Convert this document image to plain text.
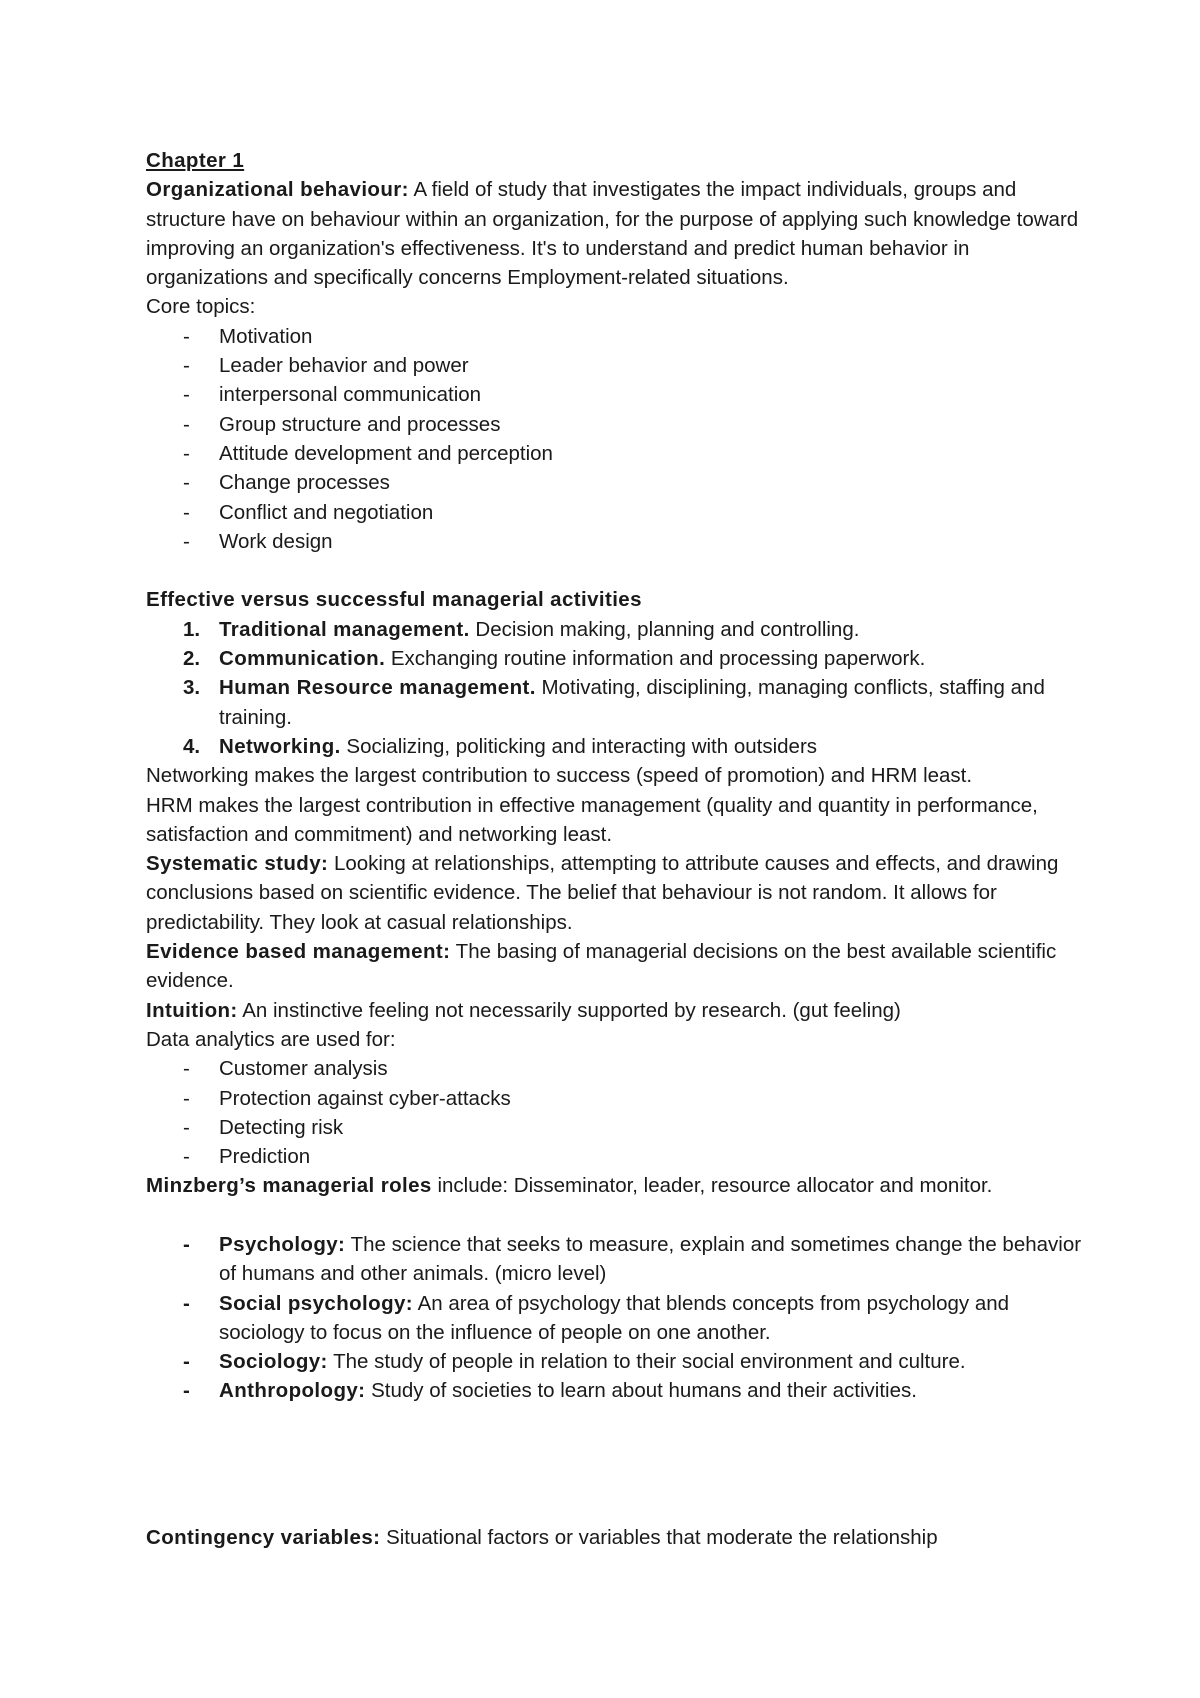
Chapter 1

Organizational behaviour: A field of study that investigates the impact individuals, groups and structure have on behaviour within an organization, for the purpose of applying such knowledge toward improving an organization's effectiveness. It's to understand and predict human behavior in organizations and specifically concerns Employment-related situations.

Core topics:

- Motivation

- Leader behavior and power

- interpersonal communication

- Group structure and processes

- Attitude development and perception

- Change processes

- Conflict and negotiation

- Work design

Effective versus successful managerial activities

1. Traditional management. Decision making, planning and controlling.

2. Communication. Exchanging routine information and processing paperwork.

3. Human Resource management. Motivating, disciplining, managing conflicts, staffing and training.

4. Networking. Socializing, politicking and interacting with outsiders

Networking makes the largest contribution to success (speed of promotion) and HRM least.

HRM makes the largest contribution in effective management (quality and quantity in performance, satisfaction and commitment) and networking least.

Systematic study: Looking at relationships, attempting to attribute causes and effects, and drawing conclusions based on scientific evidence. The belief that behaviour is not random. It allows for predictability. They look at casual relationships.

Evidence based management: The basing of managerial decisions on the best available scientific evidence.

Intuition: An instinctive feeling not necessarily supported by research. (gut feeling)

Data analytics are used for:

- Customer analysis

- Protection against cyber-attacks

- Detecting risk

- Prediction

Minzberg’s managerial roles include: Disseminator, leader, resource allocator and monitor.

- Psychology: The science that seeks to measure, explain and sometimes change the behavior of humans and other animals. (micro level)

- Social psychology: An area of psychology that blends concepts from psychology and sociology to focus on the influence of people on one another.

- Sociology: The study of people in relation to their social environment and culture.

- Anthropology: Study of societies to learn about humans and their activities.

Contingency variables: Situational factors or variables that moderate the relationship
